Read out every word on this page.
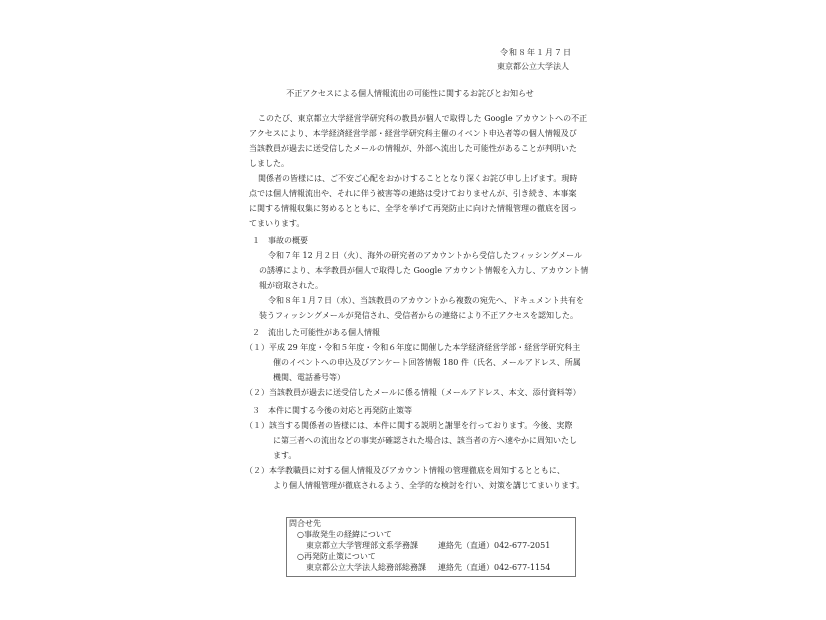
令和８年１月７日
東京都公立大学法人
不正アクセスによる個人情報流出の可能性に関するお詫びとお知らせ
このたび、東京都立大学経営学研究科の教員が個人で取得した Google アカウントへの不正
アクセスにより、本学経済経営学部・経営学研究科主催のイベント申込者等の個人情報及び
当該教員が過去に送受信したメールの情報が、外部へ流出した可能性があることが判明いた
しました。
関係者の皆様には、ご不安ご心配をおかけすることとなり深くお詫び申し上げます。現時
点では個人情報流出や、それに伴う被害等の連絡は受けておりませんが、引き続き、本事案
に関する情報収集に努めるとともに、全学を挙げて再発防止に向けた情報管理の徹底を図っ
てまいります。
１　事故の概要
令和７年 12 月２日（火）、海外の研究者のアカウントから受信したフィッシングメール
の誘導により、本学教員が個人で取得した Google アカウント情報を入力し、アカウント情
報が窃取された。
令和８年１月７日（水）、当該教員のアカウントから複数の宛先へ、ドキュメント共有を
装うフィッシングメールが発信され、受信者からの連絡により不正アクセスを認知した。
２　流出した可能性がある個人情報
（１）平成 29 年度・令和５年度・令和６年度に開催した本学経済経営学部・経営学研究科主
催のイベントへの申込及びアンケート回答情報 180 件（氏名、メールアドレス、所属
機関、電話番号等）
（２）当該教員が過去に送受信したメールに係る情報（メールアドレス、本文、添付資料等）
３　本件に関する今後の対応と再発防止策等
（１）該当する関係者の皆様には、本件に関する説明と謝罪を行っております。今後、実際
に第三者への流出などの事実が確認された場合は、該当者の方へ速やかに周知いたし
ます。
（２）本学教職員に対する個人情報及びアカウント情報の管理徹底を周知するとともに、
より個人情報管理が徹底されるよう、全学的な検討を行い、対策を講じてまいります。
問合せ先
○事故発生の経緯について
東京都立大学管理部文系学務課	連絡先（直通）042-677-2051
○再発防止策について
東京都公立大学法人総務部総務課 連絡先（直通）042-677-1154
